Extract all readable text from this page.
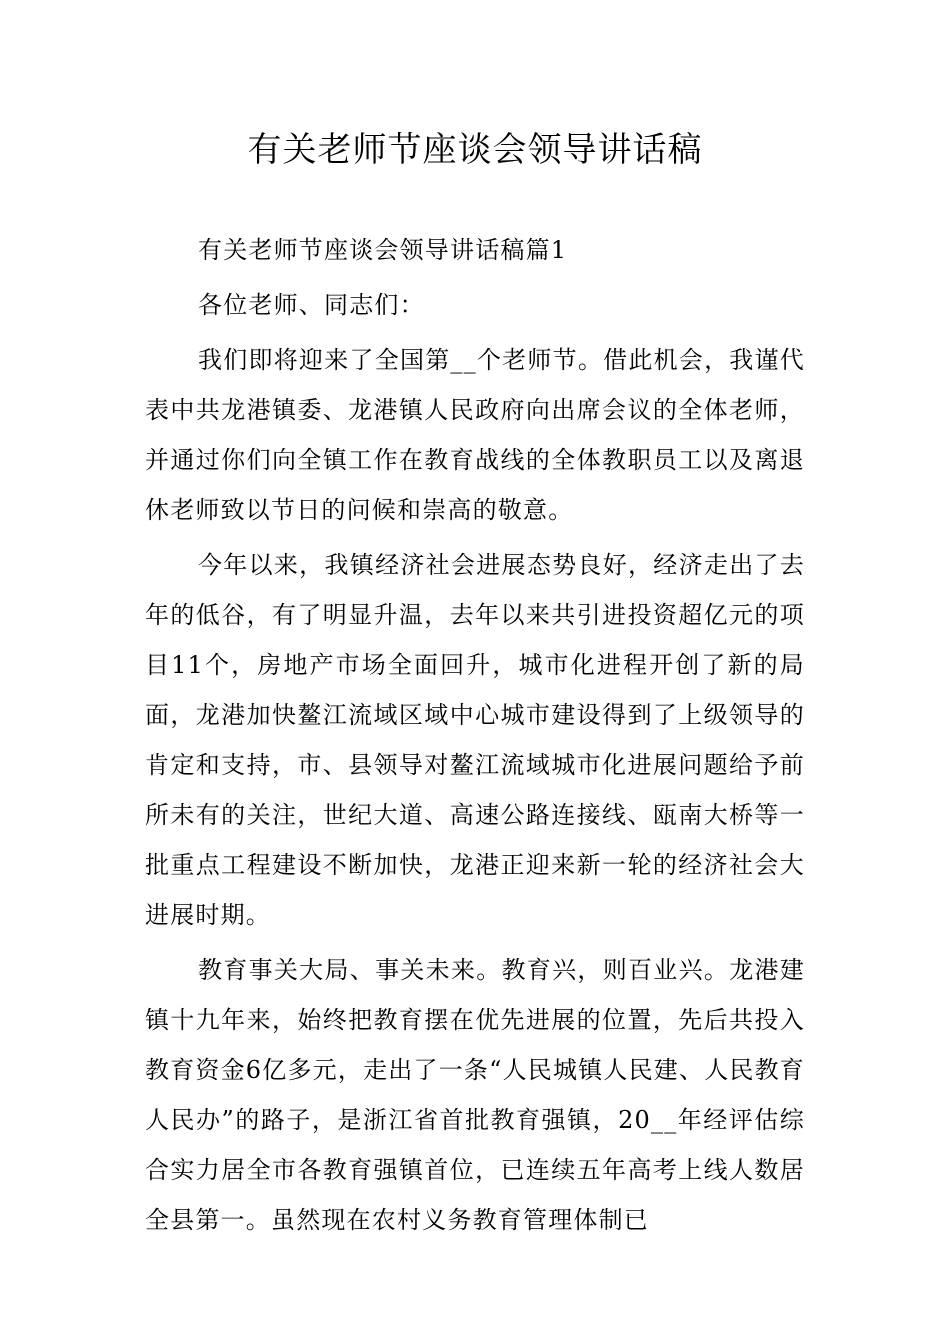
有关老师节座谈会领导讲话稿

有关老师节座谈会领导讲话稿篇1

各位老师、同志们：

我们即将迎来了全国第__个老师节。借此机会，我谨代表中共龙港镇委、龙港镇人民政府向出席会议的全体老师，并通过你们向全镇工作在教育战线的全体教职员工以及离退休老师致以节日的问候和崇高的敬意。

今年以来，我镇经济社会进展态势良好，经济走出了去年的低谷，有了明显升温，去年以来共引进投资超亿元的项目11个，房地产市场全面回升，城市化进程开创了新的局面，龙港加快鳌江流域区域中心城市建设得到了上级领导的肯定和支持，市、县领导对鳌江流域城市化进展问题给予前所未有的关注，世纪大道、高速公路连接线、瓯南大桥等一批重点工程建设不断加快，龙港正迎来新一轮的经济社会大进展时期。

教育事关大局、事关未来。教育兴，则百业兴。龙港建镇十九年来，始终把教育摆在优先进展的位置，先后共投入教育资金6亿多元，走出了一条“人民城镇人民建、人民教育人民办”的路子，是浙江省首批教育强镇，20__年经评估综合实力居全市各教育强镇首位，已连续五年高考上线人数居全县第一。虽然现在农村义务教育管理体制已
